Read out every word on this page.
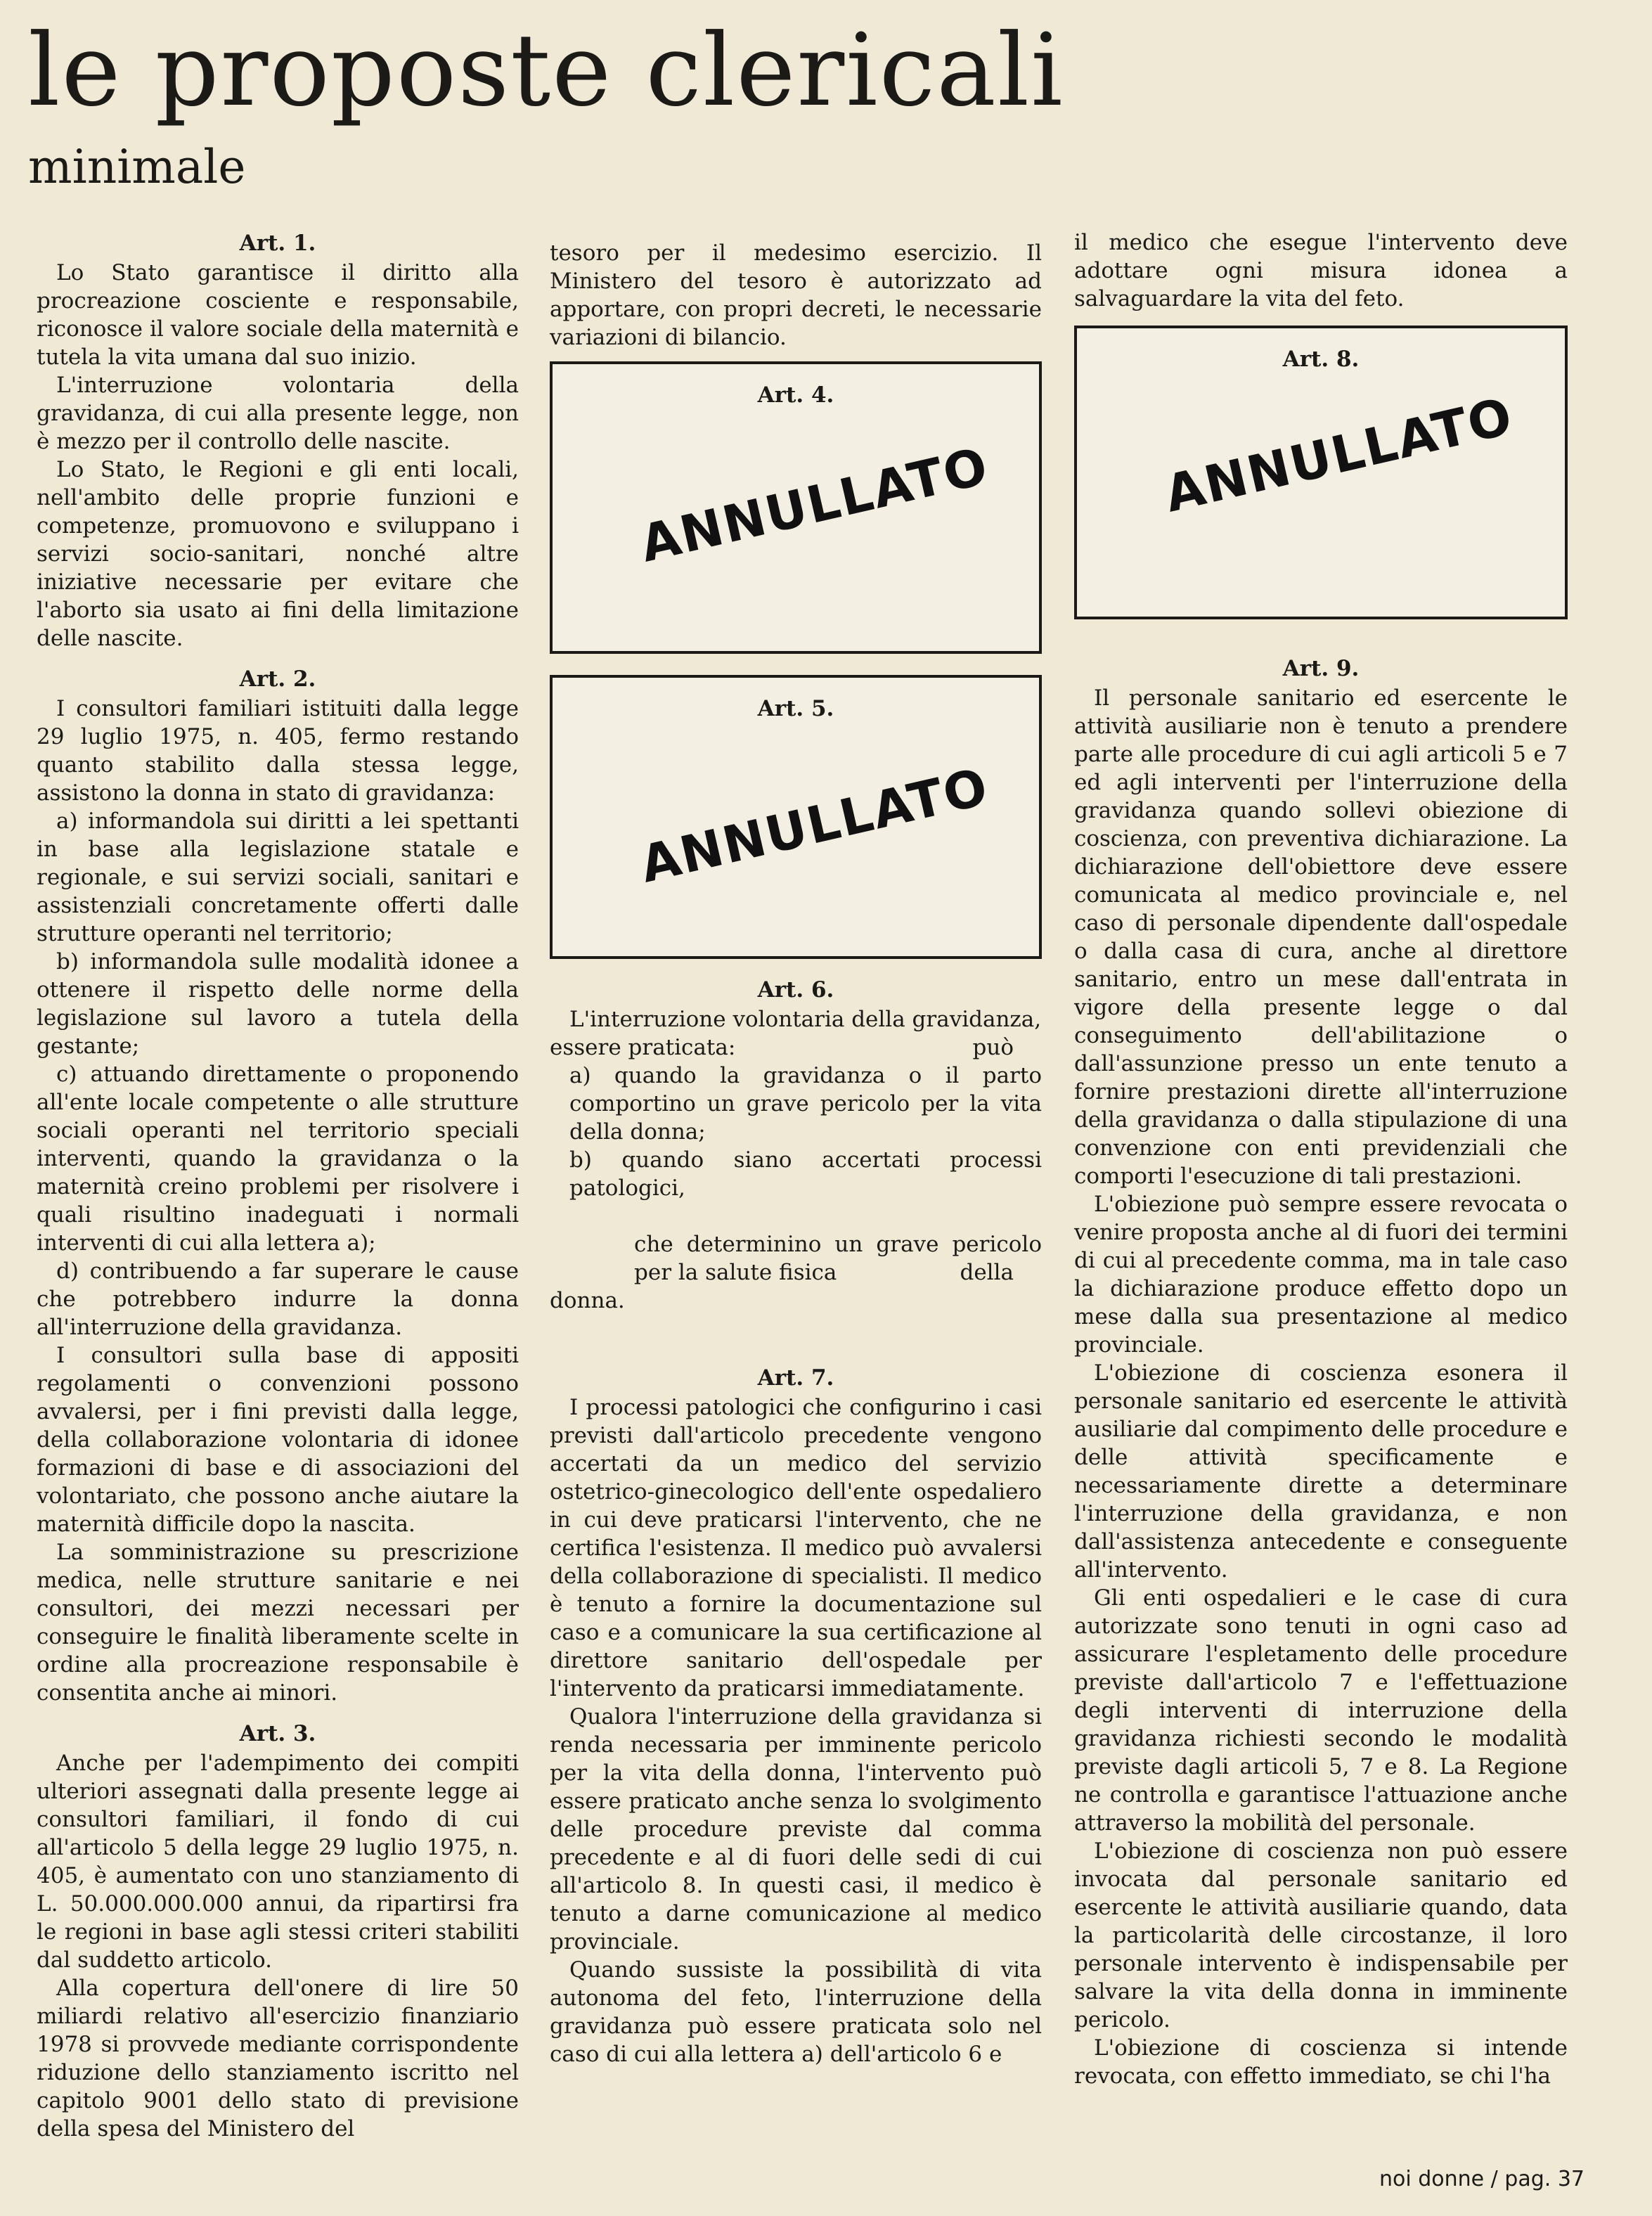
le proposte clericali
minimale
Art. 1.

Lo Stato garantisce il diritto alla procreazione cosciente e responsabile, riconosce il valore sociale della maternità e tutela la vita umana dal suo inizio.

L'interruzione volontaria della gravidanza, di cui alla presente legge, non è mezzo per il controllo delle nascite.

Lo Stato, le Regioni e gli enti locali, nell'ambito delle proprie funzioni e competenze, promuovono e sviluppano i servizi socio-sanitari, nonché altre iniziative necessarie per evitare che l'aborto sia usato ai fini della limitazione delle nascite.

Art. 2.

I consultori familiari istituiti dalla legge 29 luglio 1975, n. 405, fermo restando quanto stabilito dalla stessa legge, assistono la donna in stato di gravidanza:

a) informandola sui diritti a lei spettanti in base alla legislazione statale e regionale, e sui servizi sociali, sanitari e assistenziali concretamente offerti dalle strutture operanti nel territorio;

b) informandola sulle modalità idonee a ottenere il rispetto delle norme della legislazione sul lavoro a tutela della gestante;

c) attuando direttamente o proponendo all'ente locale competente o alle strutture sociali operanti nel territorio speciali interventi, quando la gravidanza o la maternità creino problemi per risolvere i quali risultino inadeguati i normali interventi di cui alla lettera a);

d) contribuendo a far superare le cause che potrebbero indurre la donna all'interruzione della gravidanza.

I consultori sulla base di appositi regolamenti o convenzioni possono avvalersi, per i fini previsti dalla legge, della collaborazione volontaria di idonee formazioni di base e di associazioni del volontariato, che possono anche aiutare la maternità difficile dopo la nascita.

La somministrazione su prescrizione medica, nelle strutture sanitarie e nei consultori, dei mezzi necessari per conseguire le finalità liberamente scelte in ordine alla procreazione responsabile è consentita anche ai minori.

Art. 3.

Anche per l'adempimento dei compiti ulteriori assegnati dalla presente legge ai consultori familiari, il fondo di cui all'articolo 5 della legge 29 luglio 1975, n. 405, è aumentato con uno stanziamento di L. 50.000.000.000 annui, da ripartirsi fra le regioni in base agli stessi criteri stabiliti dal suddetto articolo.

Alla copertura dell'onere di lire 50 miliardi relativo all'esercizio finanziario 1978 si provvede mediante corrispondente riduzione dello stanziamento iscritto nel capitolo 9001 dello stato di previsione della spesa del Ministero del

tesoro per il medesimo esercizio. Il Ministero del tesoro è autorizzato ad apportare, con propri decreti, le necessarie variazioni di bilancio.

Art. 4.
ANNULLATO
Art. 5.
ANNULLATO
Art. 6.

L'interruzione volontaria della gravidanza,
può

essere praticata:

a) quando la gravidanza o il parto comportino un grave pericolo per la vita della donna;

b) quando siano accertati processi patologici,

che determinino un grave pericolo per la salute fisica	della

donna.

Art. 7.

I processi patologici che configurino i casi previsti dall'articolo precedente vengono accertati da un medico del servizio ostetrico-ginecologico dell'ente ospedaliero in cui deve praticarsi l'intervento, che ne certifica l'esistenza. Il medico può avvalersi della collaborazione di specialisti. Il medico è tenuto a fornire la documentazione sul caso e a comunicare la sua certificazione al direttore sanitario dell'ospedale per l'intervento da praticarsi immediatamente.

Qualora l'interruzione della gravidanza si renda necessaria per imminente pericolo per la vita della donna, l'intervento può essere praticato anche senza lo svolgimento delle procedure previste dal comma precedente e al di fuori delle sedi di cui all'articolo 8. In questi casi, il medico è tenuto a darne comunicazione al medico provinciale.

Quando sussiste la possibilità di vita autonoma del feto, l'interruzione della gravidanza può essere praticata solo nel caso di cui alla lettera a) dell'articolo 6 e

il medico che esegue l'intervento deve adottare ogni misura idonea a salvaguardare la vita del feto.

Art. 8.
ANNULLATO
Art. 9.

Il personale sanitario ed esercente le attività ausiliarie non è tenuto a prendere parte alle procedure di cui agli articoli 5 e 7 ed agli interventi per l'interruzione della gravidanza quando sollevi obiezione di coscienza, con preventiva dichiarazione. La dichiarazione dell'obiettore deve essere comunicata al medico provinciale e, nel caso di personale dipendente dall'ospedale o dalla casa di cura, anche al direttore sanitario, entro un mese dall'entrata in vigore della presente legge o dal conseguimento dell'abilitazione o dall'assunzione presso un ente tenuto a fornire prestazioni dirette all'interruzione della gravidanza o dalla stipulazione di una convenzione con enti previdenziali che comporti l'esecuzione di tali prestazioni.

L'obiezione può sempre essere revocata o venire proposta anche al di fuori dei termini di cui al precedente comma, ma in tale caso la dichiarazione produce effetto dopo un mese dalla sua presentazione al medico provinciale.

L'obiezione di coscienza esonera il personale sanitario ed esercente le attività ausiliarie dal compimento delle procedure e delle attività specificamente e necessariamente dirette a determinare l'interruzione della gravidanza, e non dall'assistenza antecedente e conseguente all'intervento.

Gli enti ospedalieri e le case di cura autorizzate sono tenuti in ogni caso ad assicurare l'espletamento delle procedure previste dall'articolo 7 e l'effettuazione degli interventi di interruzione della gravidanza richiesti secondo le modalità previste dagli articoli 5, 7 e 8. La Regione ne controlla e garantisce l'attuazione anche attraverso la mobilità del personale.

L'obiezione di coscienza non può essere invocata dal personale sanitario ed esercente le attività ausiliarie quando, data la particolarità delle circostanze, il loro personale intervento è indispensabile per salvare la vita della donna in imminente pericolo.

L'obiezione di coscienza si intende revocata, con effetto immediato, se chi l'ha

noi donne / pag. 37
